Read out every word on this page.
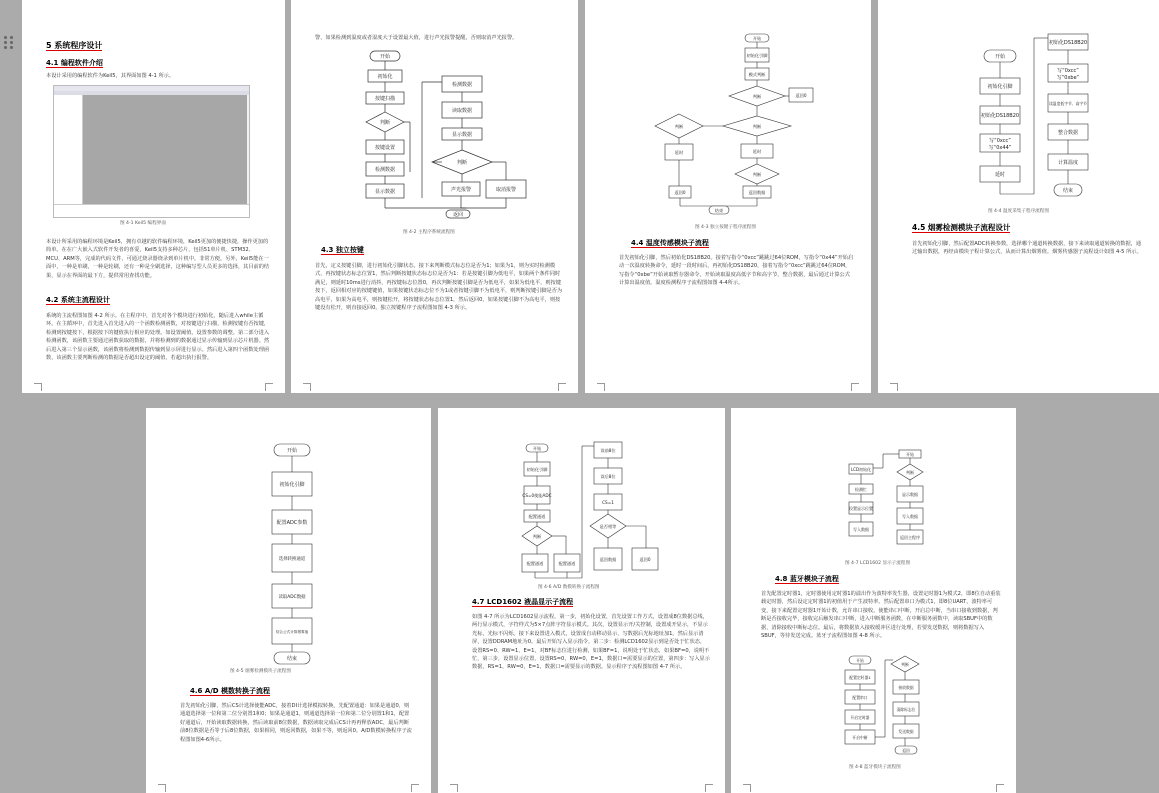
5 系统程序设计
4.1 编程软件介绍
本设计采用的编程软件为Keil5，其界面如图 4-1 所示。
图 4-1 Keil5 编程界面
本设计所采用的编程环境是Keil5，拥有卓越的软件编程环境，Keil5更加的便捷快捷，操作更加的简单。在在广大嵌入式软件开发者的喜爱，Keil5支持多种芯片，包括51单片机、STM32、MCU、ARM等，完成的代码文件，可通过烧录器烧录到单片机中。非常方便。另外，Keil5能在一面中，一种是单刷，一种是轮刷，还有一种是全刷选择，这种编写型人员更多的选择，其目前的结果，显示在界面的最下方，提供常用查找功能。
4.2 系统主流程设计
系统的主流程图如图 4-2 所示。在主程序中，首先对各个模块进行初始化，随后进入while主循环。在主循环中，首先进入首先进入的一个函数检测函数，对按键进行扫描，检测按键有否按键，检测到按键按下，根据按下的键值执行相应的处理。如设置阈值，设置参数的调整。第二部分进入检测函数，该函数主要通过函数获取的数据，并将检测到的数据通过显示传输到显示芯片机器。然后进入第三个显示函数，该函数将检测到数据传输到显示屏进行显示。然后进入第四个函数处理函数，该函数主要判断检测的数据是否超出设定的阈值，若超出执行报警。
警，如果检测到温度或者湿度大于设置最大值，进行声光报警提醒，否则取消声光报警。
开始
初始化
按键扫描
判断
按键设置
检测数据
显示数据
检测数据
读取数据
显示数据
判断
声光报警	取消报警
返回
图 4-2 主程序系统流程图
4.3 独立按键
首先，定义按键引脚，进行初始化引脚状态，接下来判断模式标志位是否为1；如果为1，则为实时检测模式，再按键状态标志位置1，然后判断按键状态标志位是否为1：若是按键引脚为低电平，如果两个条件同时满足，则延时10ms进行消抖，再按键标志位置0，再次判断按键引脚是否为低电平，如果为低电平，则按键按下，返回相对应的按键键值，如果按键状态标志位不为1或者按键引脚不为低电平，则判断按键引脚是否为高电平，如果为高电平，则按键松开，将按键状态标志位置1，然后返回0，如果按键引脚不为高电平，则按键没有松开，则直接返回0。独立按键程序子流程图如图 4-3 所示。
开始
初始化引脚
模式判断
判断	返回0
判断
判断
延时	延时
判断
返回0	返回数据
结束
图 4-3 独立按键子程序流程图
4.4 温度传感模块子流程
首先初始化引脚，然后初始化DS18B20。接着写指令“0xcc”跳跳过64位ROM，写指令“0x44”开始启动一次温度转换命令，延时一段时间后，再初始化DS18B20，接着写指令“0xcc”跳跳过64位ROM，写指令“0xbe”开始读取暂存器命令，开始读取温度高低字节和高字节，整合数据，最后通过计算公式计算出温度值。温度检测程序子流程图如图 4-4所示。
开始
初始化引脚
初始化DS18B20
写“0xcc”
写“0x44”
延时
初始化DS18B20
写“0xcc”
写“0xbe”
读温度低字节、高字节
整合数据
计算温度
结束
图 4-4 温度采集子程序流程图
4.5 烟雾检测模块子流程设计
首先初始化引脚，然后配置ADC转换参数，选择哪个通道转换数据，接下来读取通道转换的数据，通过输出数据，再经由模块子程计算公式，从而计算出烟雾值。烟雾传感器子流程设计如图 4-5 所示。
开始
初始化引脚
配置ADC参数
选择转换通道
读取ADC数据
结合公式计算烟雾值
结束
图 4-5 烟雾检测模块子流程图
4.6 A/D 模数转换子流程
首先初始化引脚，然后CS计选择使能ADC，接着DI计选择模拟转换，先配置通道：如果是通道0，则通道选择第一位和第二位分别置1和0；如果是通道1，则通道选择第一位和第二位分别置1和1，配置好通道后，开始读取数据转换，然后读取前8位数据，数据读取完成后CS计再再释放ADC，最后判断前8位数据是否等于后8位数据，如果相同，则返回数据，如果不等，则返回0。A/D数模转换程序子流程图如图4-6所示。
开始
初始化引脚
CS=0使能ADC
配置通道
判断
配置通道	配置通道
读前8位
读后8位
CS=1
是否相等
返回数据	返回0
图 4-6 A/D 数模转换子流程图
4.7 LCD1602 液晶显示子流程
如图 4-7 所示为LCD1602显示流程，第一步，初始化设置，首先设置工作方式，设置成8位数据总线，两行显示模式，字符样式为5×7点阵字符显示模式。其次，设置显示开/关控制，设置成开显示，不显示光标，光标不闪烁。接下来设置进入模式，设置成自动移动显示，写数据后光标地址加1。然后显示清屏，设置DDRAM地址为0。最后开始写入显示指令，第二步：检测LCD1602显示到是否处于忙状态，设置RS=0、RW=1、E=1，对BF标志位进行检测，如果BF=1，说明处于忙状态，如果BF=0，说明不忙，第三步，设置显示位置，设置RS=0，RW=0，E=1，数据口=需要显示的位置，第四步：写入显示数据，RS=1，RW=0，E=1，数据口=需要显示的数据。显示程序子流程图如图 4-7 所示。
LCD初始化
检测忙
设置显示位置
写入数据
开始
判断
显示数据
写入数据
返回主程序
图 4-7 LCD1602 显示子流程图
4.8 蓝牙模块子流程
首先配置定时器1，定时器使用定时器1的溢出作为波特率发生器，设置定时器1为模式2，即8位自动重装载定时器，然后设定定时器1的初值用于产生波特率。然后配置串口为模式1，即8位UART，波特率可变，接下来配置定时器1开始计数，允许串口接收。使能串口中断，开启总中断，当串口接收到数据，判断是否接收完毕，接收完后触发串口中断，进入中断服务函数，在中断服务函数中，读取SBUF中的数据，清除接收中断标志位。最后，将数据放入接收缓冲区进行处理，若要发送数据，则将数据写入SBUF，等待发送完成。蓝牙子流程图如图 4-8 所示。
开始
配置定时器1
配置串口
开启定时器
开启中断
判断
接收数据
清除标志位
发送数据
返回
图 4-8 蓝牙模块子流程图
